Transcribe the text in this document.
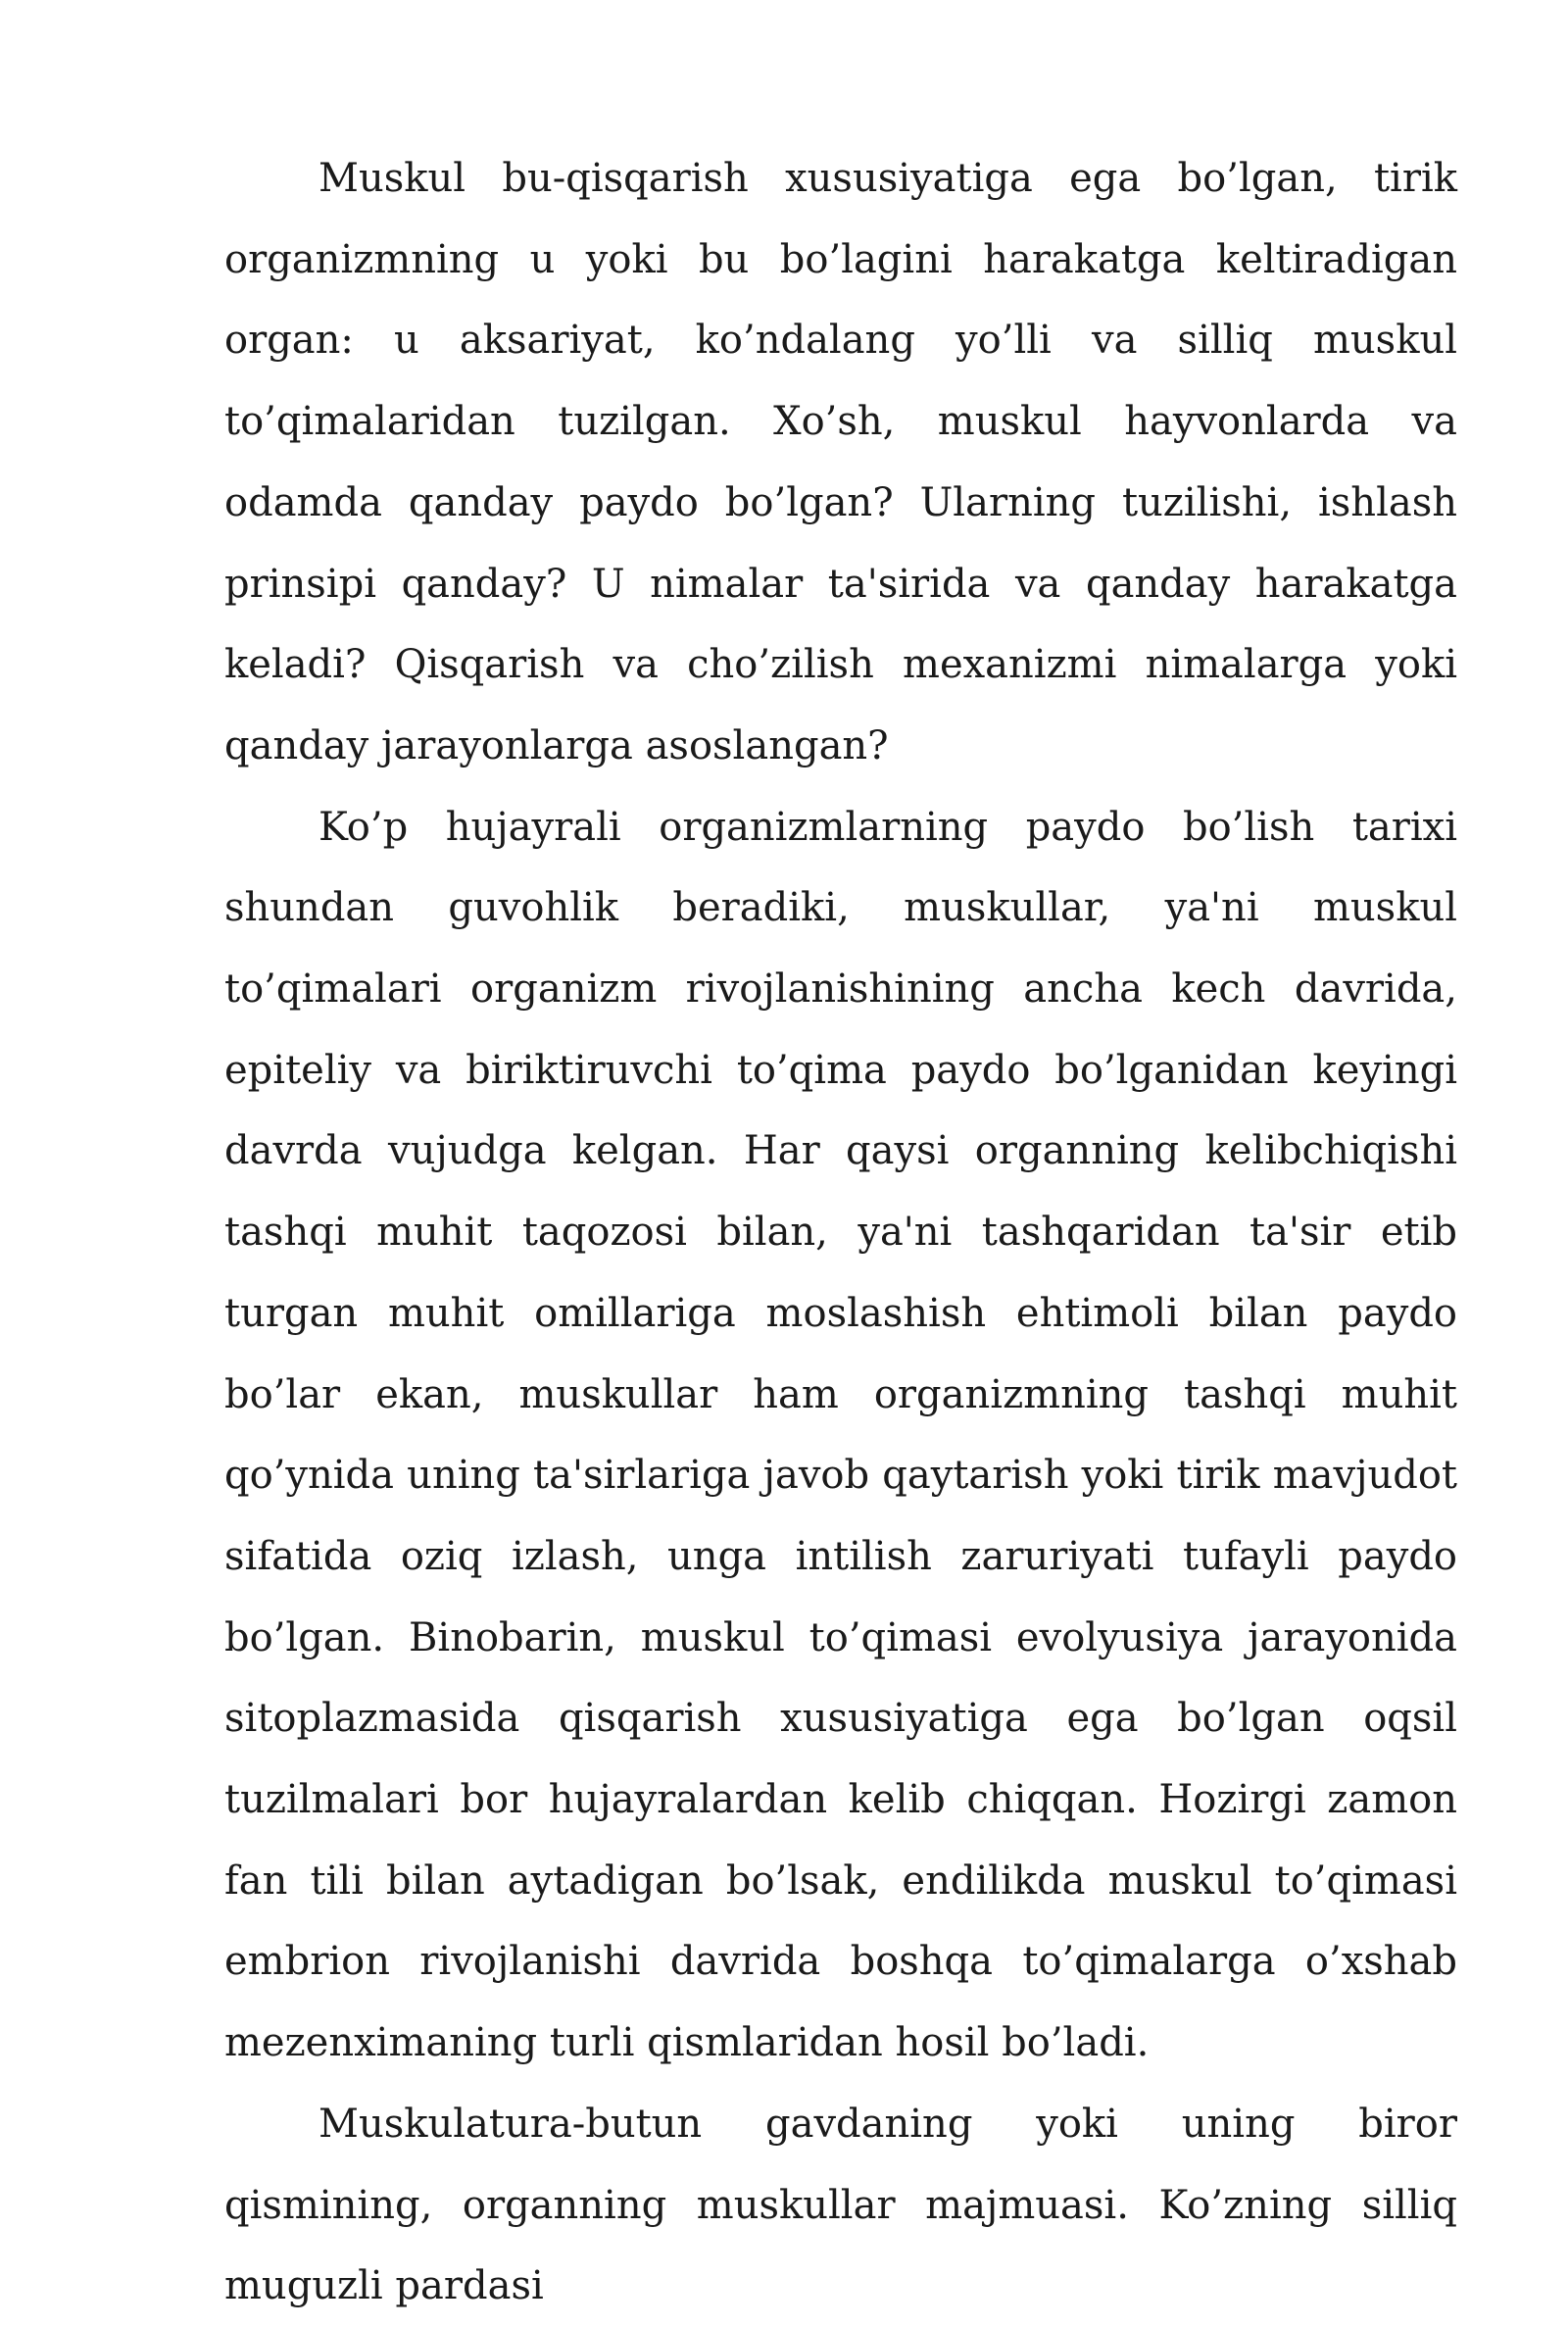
Muskul bu-qisqarish xususiyatiga ega bo’lgan, tirik organizmning u yoki bu bo’lagini harakatga keltiradigan organ: u aksariyat, ko’ndalang yo’lli va silliq muskul to’qimalaridan tuzilgan. Xo’sh, muskul hayvonlarda va odamda qanday paydo bo’lgan? Ularning tuzilishi, ishlash prinsipi qanday? U nimalar ta'sirida va qanday harakatga keladi? Qisqarish va cho’zilish mexanizmi nimalarga yoki qanday jarayonlarga asoslangan?

Ko’p hujayrali organizmlarning paydo bo’lish tarixi shundan guvohlik beradiki, muskullar, ya'ni muskul to’qimalari organizm rivojlanishining ancha kech davrida, epiteliy va biriktiruvchi to’qima paydo bo’lganidan keyingi davrda vujudga kelgan. Har qaysi organning kelibchiqishi tashqi muhit taqozosi bilan, ya'ni tashqaridan ta'sir etib turgan muhit omillariga moslashish ehtimoli bilan paydo bo’lar ekan, muskullar ham organizmning tashqi muhit qo’ynida uning ta'sirlariga javob qaytarish yoki tirik mavjudot sifatida oziq izlash, unga intilish zaruriyati tufayli paydo bo’lgan. Binobarin, muskul to’qimasi evolyusiya jarayonida sitoplazmasida qisqarish xususiyatiga ega bo’lgan oqsil tuzilmalari bor hujayralardan kelib chiqqan. Hozirgi zamon fan tili bilan aytadigan bo’lsak, endilikda muskul to’qimasi embrion rivojlanishi davrida boshqa to’qimalarga o’xshab mezenximaning turli qismlaridan hosil bo’ladi.

Muskulatura-butun gavdaning yoki uning biror qismining, organning muskullar majmuasi. Ko’zning silliq muguzli pardasi
